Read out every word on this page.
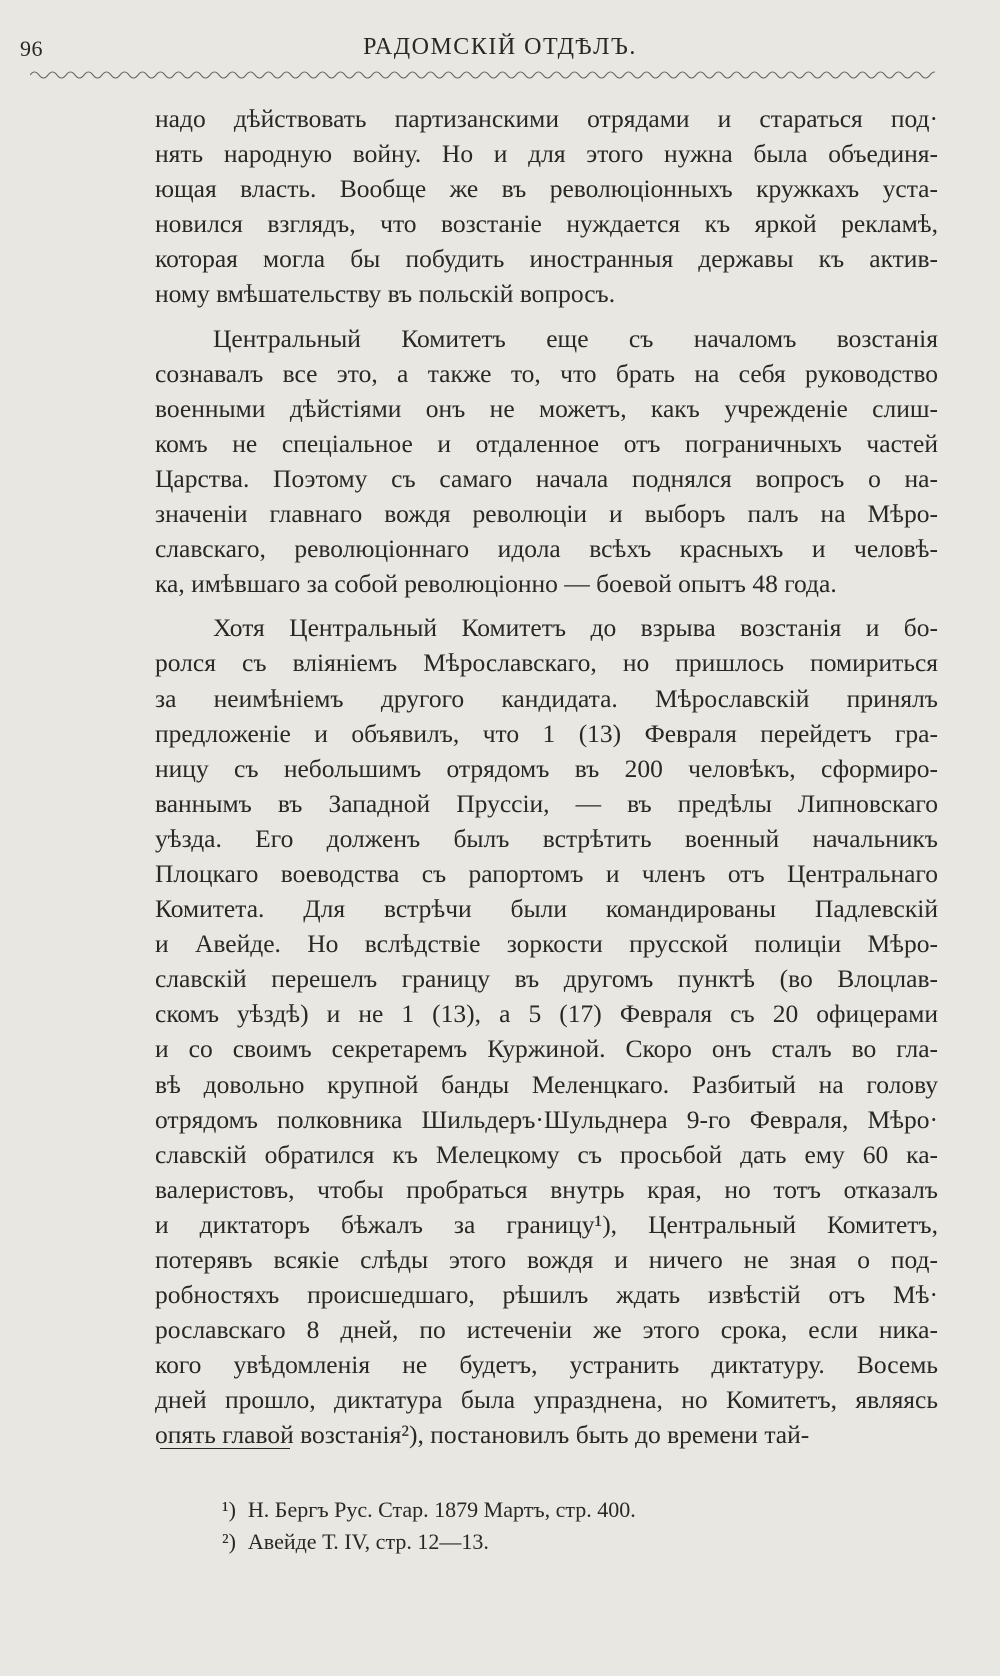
96	РАДОМСКІЙ ОТДѢЛЪ.
надо дѣйствовать партизанскими отрядами и стараться под·
нять народную войну. Но и для этого нужна была объединя-
ющая власть. Вообще же въ революціонныхъ кружкахъ уста-
новился взглядъ, что возстаніе нуждается къ яркой рекламѣ,
которая могла бы побудить иностранныя державы къ актив-
ному вмѣшательству въ польскій вопросъ.
Центральный Комитетъ еще съ началомъ возстанія
сознавалъ все это, а также то, что брать на себя руководство
военными дѣйстіями онъ не можетъ, какъ учрежденіе слиш-
комъ не спеціальное и отдаленное отъ пограничныхъ частей
Царства. Поэтому съ самаго начала поднялся вопросъ о на-
значеніи главнаго вождя революціи и выборъ палъ на Мѣро-
славскаго, революціоннаго идола всѣхъ красныхъ и человѣ-
ка, имѣвшаго за собой революціонно — боевой опытъ 48 года.
Хотя Центральный Комитетъ до взрыва возстанія и бо-
ролся съ вліяніемъ Мѣрославскаго, но пришлось помириться
за неимѣніемъ другого кандидата. Мѣрославскій принялъ
предложеніе и объявилъ, что 1 (13) Февраля перейдетъ гра-
ницу съ небольшимъ отрядомъ въ 200 человѣкъ, сформиро-
ваннымъ въ Западной Пруссіи, — въ предѣлы Липновскаго
уѣзда. Его долженъ былъ встрѣтить военный начальникъ
Плоцкаго воеводства съ рапортомъ и членъ отъ Центральнаго
Комитета. Для встрѣчи были командированы Падлевскій
и Авейде. Но вслѣдствіе зоркости прусской полиціи Мѣро-
славскій перешелъ границу въ другомъ пунктѣ (во Влоцлав-
скомъ уѣздѣ) и не 1 (13), а 5 (17) Февраля съ 20 офицерами
и со своимъ секретаремъ Куржиной. Скоро онъ сталъ во гла-
вѣ довольно крупной банды Меленцкаго. Разбитый на голову
отрядомъ полковника Шильдеръ·Шульднера 9-го Февраля, Мѣро·
славскій обратился къ Мелецкому съ просьбой дать ему 60 ка-
валеристовъ, чтобы пробраться внутрь края, но тотъ отказалъ
и диктаторъ бѣжалъ за границу¹), Центральный Комитетъ,
потерявъ всякіе слѣды этого вождя и ничего не зная о под-
робностяхъ происшедшаго, рѣшилъ ждать извѣстій отъ Мѣ·
рославскаго 8 дней, по истеченіи же этого срока, если ника-
кого увѣдомленія не будетъ, устранить диктатуру. Восемь
дней прошло, диктатура была упразднена, но Комитетъ, являясь
опять главой возстанія²), постановилъ быть до времени тай-
¹) Н. Бергъ Рус. Стар. 1879 Мартъ, стр. 400.
²) Авейде Т. IV, стр. 12—13.
